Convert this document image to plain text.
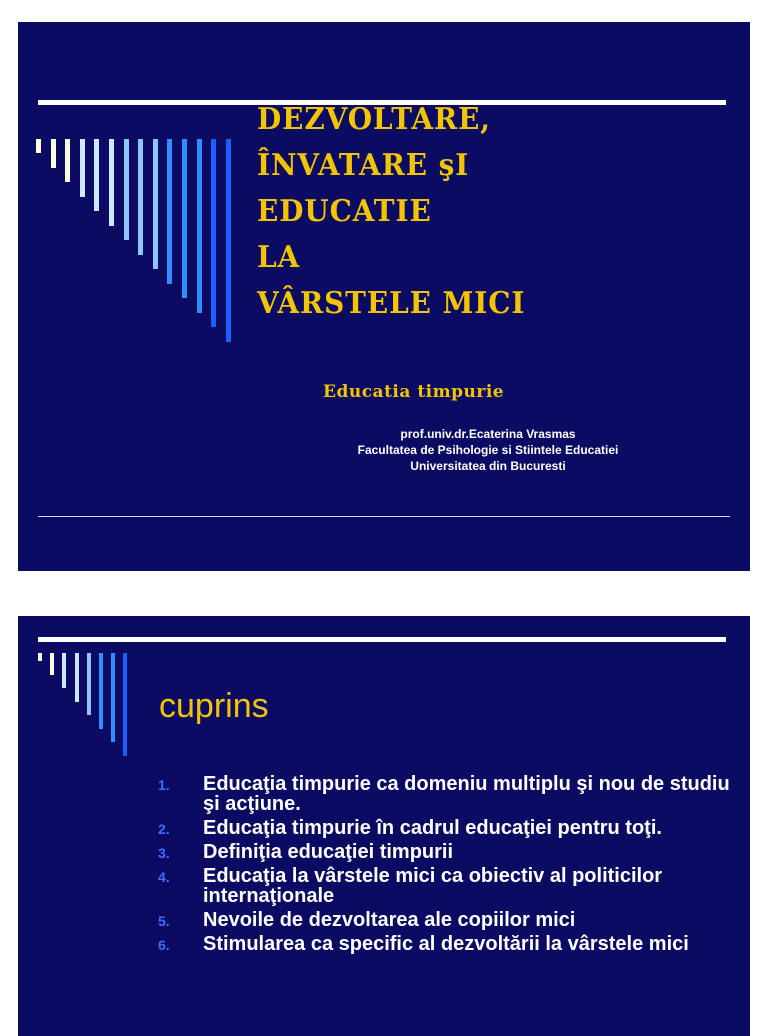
DEZVOLTARE,
ÎNVATARE şI
EDUCATIE
LA
VÂRSTELE MICI
Educatia timpurie
prof.univ.dr.Ecaterina Vrasmas
Facultatea de Psihologie si Stiintele Educatiei
Universitatea din Bucuresti
cuprins
1. Educaţia timpurie ca domeniu multiplu şi nou de studiu şi acţiune.
2. Educaţia timpurie în cadrul educaţiei pentru toţi.
3. Definiţia educaţiei timpurii
4. Educaţia la vârstele mici ca obiectiv al politicilor internaţionale
5. Nevoile de dezvoltarea ale copiilor mici
6. Stimularea ca specific al dezvoltării la vârstele mici
